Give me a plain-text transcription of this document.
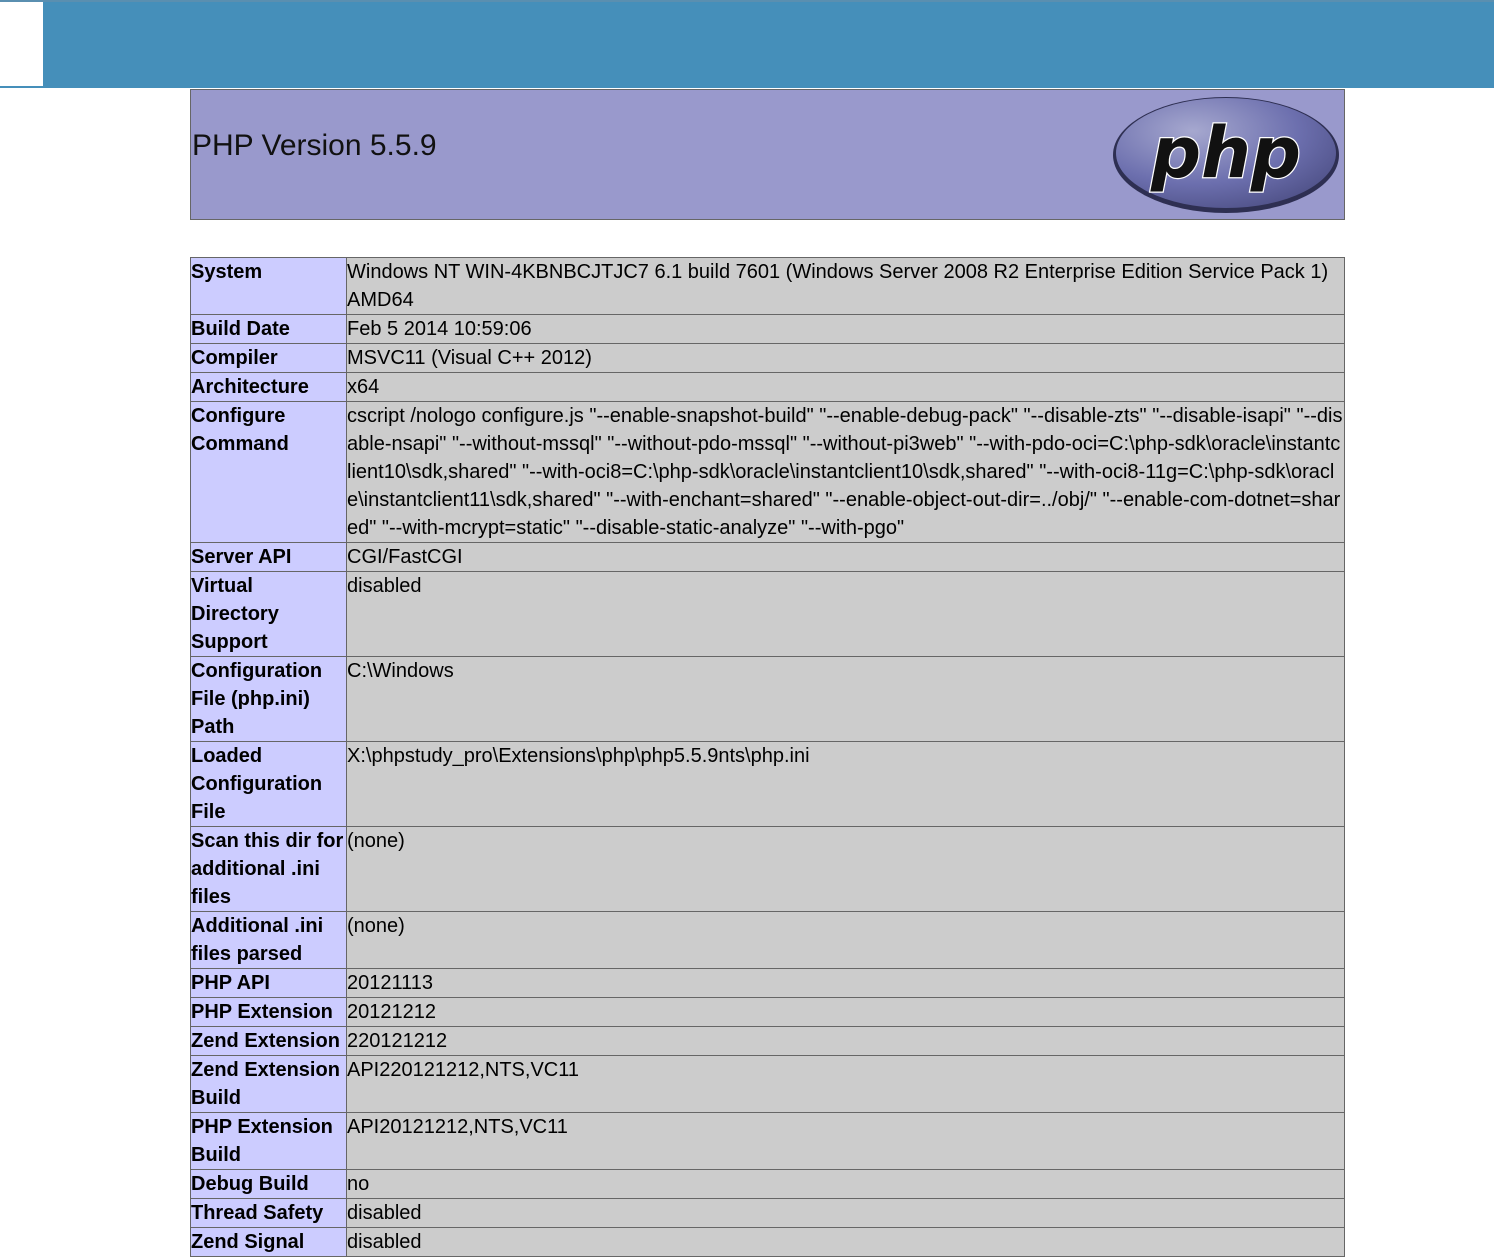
PHP Version 5.5.9	php
System	Windows NT WIN-4KBNBCJTJC7 6.1 build 7601 (Windows Server 2008 R2 Enterprise Edition Service Pack 1) AMD64
Build Date	Feb 5 2014 10:59:06
Compiler	MSVC11 (Visual C++ 2012)
Architecture	x64
Configure Command	cscript /nologo configure.js "--enable-snapshot-build" "--enable-debug-pack" "--disable-zts" "--disable-isapi" "--disable-nsapi" "--without-mssql" "--without-pdo-mssql" "--without-pi3web" "--with-pdo-oci=C:\php-sdk\oracle\instantclient10\sdk,shared" "--with-oci8=C:\php-sdk\oracle\instantclient10\sdk,shared" "--with-oci8-11g=C:\php-sdk\oracle\instantclient11\sdk,shared" "--with-enchant=shared" "--enable-object-out-dir=../obj/" "--enable-com-dotnet=shared" "--with-mcrypt=static" "--disable-static-analyze" "--with-pgo"
Server API	CGI/FastCGI
Virtual Directory Support	disabled
Configuration File (php.ini) Path	C:\Windows
Loaded Configuration File	X:\phpstudy_pro\Extensions\php\php5.5.9nts\php.ini
Scan this dir for additional .ini files	(none)
Additional .ini files parsed	(none)
PHP API	20121113
PHP Extension	20121212
Zend Extension	220121212
Zend Extension Build	API220121212,NTS,VC11
PHP Extension Build	API20121212,NTS,VC11
Debug Build	no
Thread Safety	disabled
Zend Signal	disabled
